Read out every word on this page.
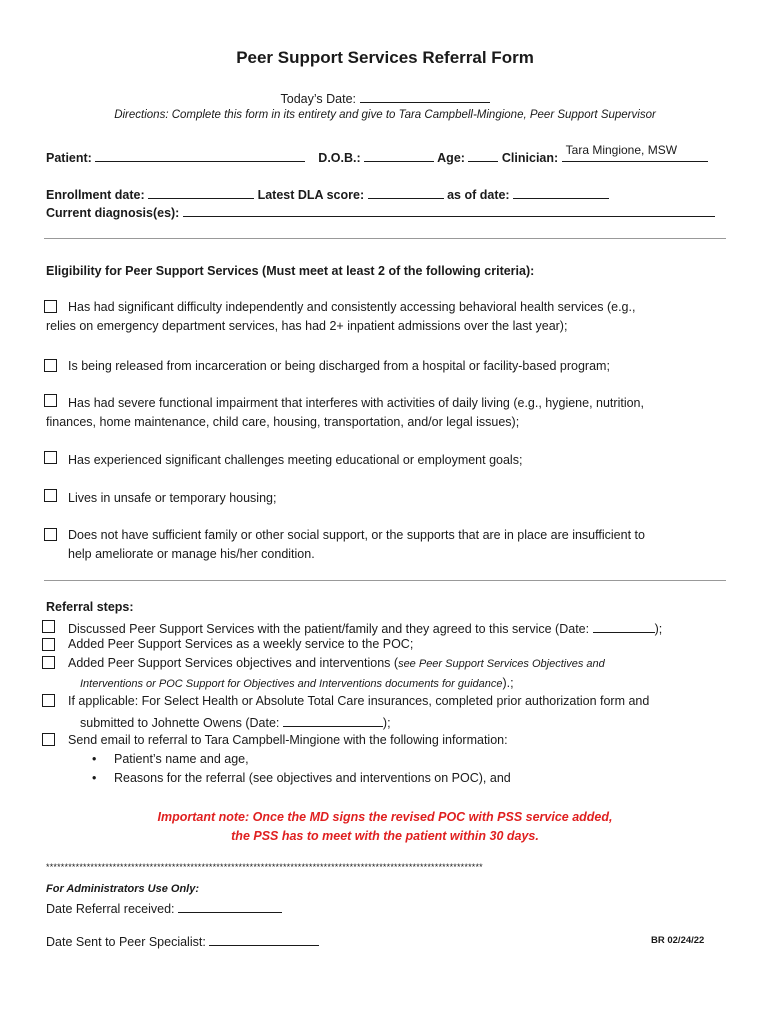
Peer Support Services Referral Form
Today’s Date:
Directions: Complete this form in its entirety and give to Tara Campbell-Mingione, Peer Support Supervisor
Patient:	D.O.B.:	Age:	Clinician:
Tara Mingione, MSW
Enrollment date:	Latest DLA score:	as of date:
Current diagnosis(es):
Eligibility for Peer Support Services (Must meet at least 2 of the following criteria):
Has had significant difficulty independently and consistently accessing behavioral health services (e.g.,
relies on emergency department services, has had 2+ inpatient admissions over the last year);
Is being released from incarceration or being discharged from a hospital or facility-based program;
Has had severe functional impairment that interferes with activities of daily living (e.g., hygiene, nutrition,
finances, home maintenance, child care, housing, transportation, and/or legal issues);
Has experienced significant challenges meeting educational or employment goals;
Lives in unsafe or temporary housing;
Does not have sufficient family or other social support, or the supports that are in place are insufficient to
help ameliorate or manage his/her condition.
Referral steps:
Discussed Peer Support Services with the patient/family and they agreed to this service (Date:	);
Added Peer Support Services as a weekly service to the POC;
Added Peer Support Services objectives and interventions (see Peer Support Services Objectives and
Interventions or POC Support for Objectives and Interventions documents for guidance).;
If applicable: For Select Health or Absolute Total Care insurances, completed prior authorization form and
submitted to Johnette Owens (Date:	);
Send email to referral to Tara Campbell-Mingione with the following information:
• Patient’s name and age,
• Reasons for the referral (see objectives and interventions on POC), and
Important note: Once the MD signs the revised POC with PSS service added,
the PSS has to meet with the patient within 30 days.
**********************************************************************************************************************
For Administrators Use Only:
Date Referral received:
Date Sent to Peer Specialist:	BR 02/24/22
